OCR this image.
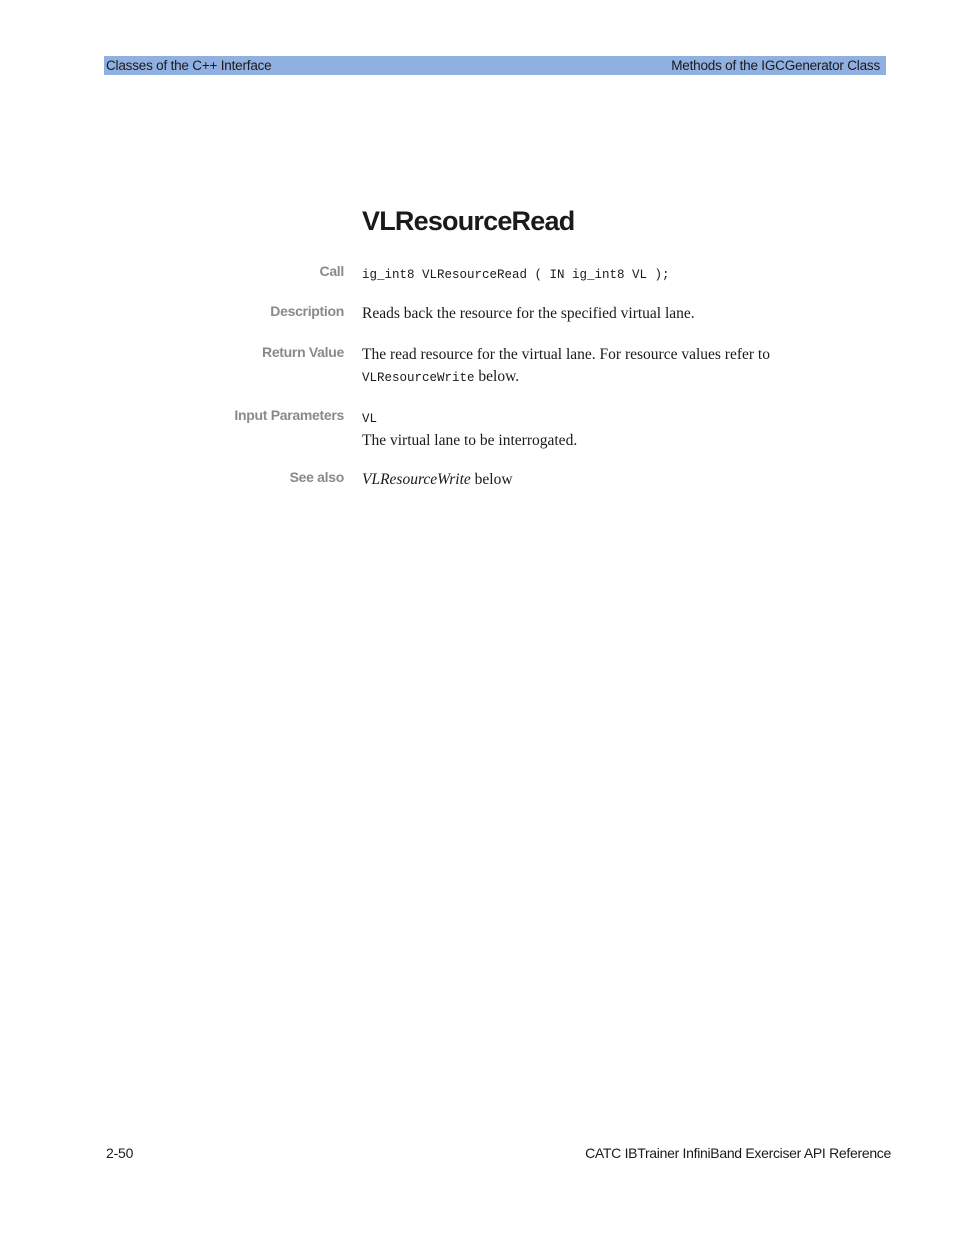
Classes of the C++ Interface	Methods of the IGCGenerator Class
VLResourceRead
Call ig_int8 VLResourceRead ( IN ig_int8 VL );
Description Reads back the resource for the specified virtual lane.
Return Value The read resource for the virtual lane. For resource values refer to
VLResourceWrite below.
Input Parameters VL
The virtual lane to be interrogated.
See also VLResourceWrite below
2-50	CATC IBTrainer InfiniBand Exerciser API Reference
